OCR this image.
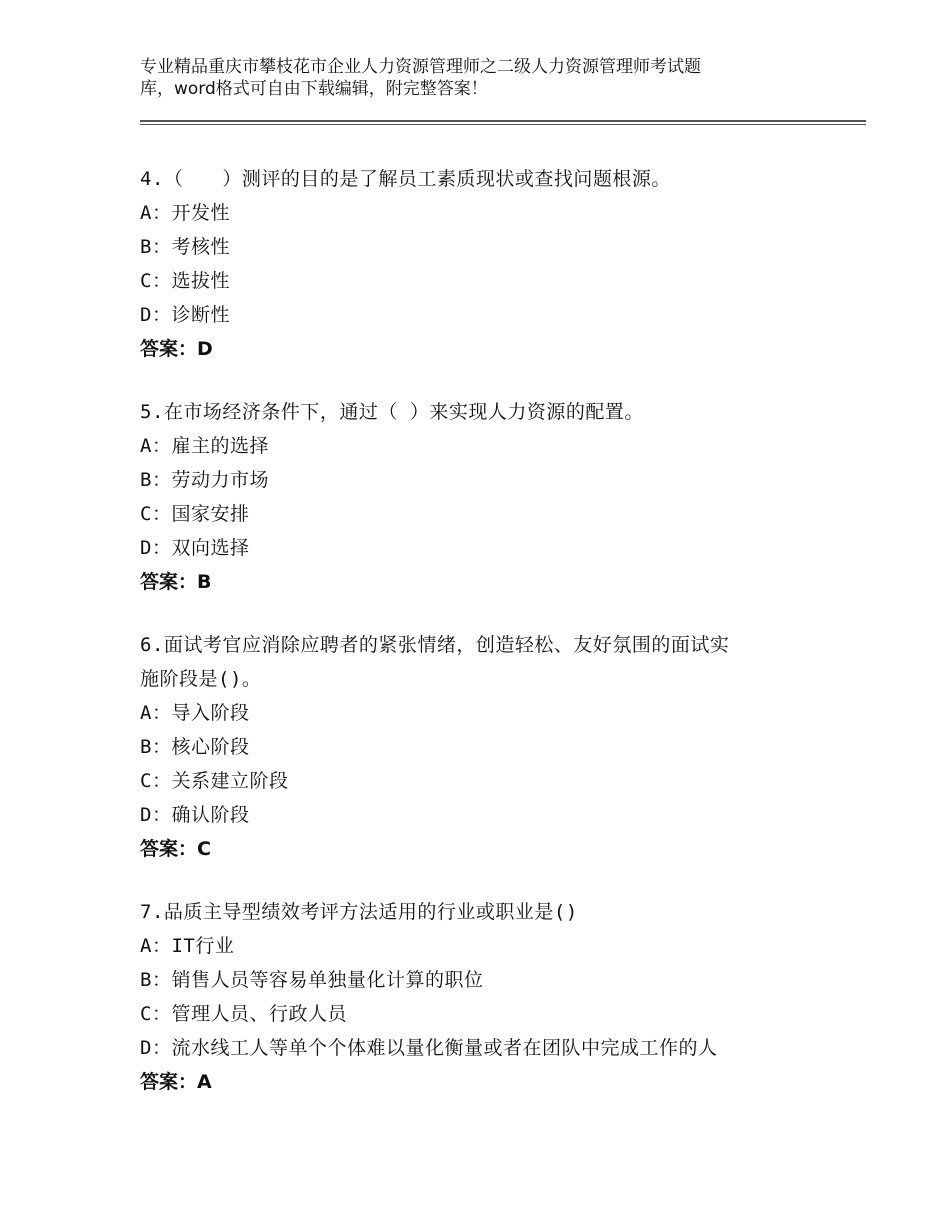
专业精品重庆市攀枝花市企业人力资源管理师之二级人力资源管理师考试题
库，word格式可自由下载编辑，附完整答案！
4.（　　）测评的目的是了解员工素质现状或查找问题根源。
A：开发性
B：考核性
C：选拔性
D：诊断性
答案：D
5.在市场经济条件下，通过（ ）来实现人力资源的配置。
A：雇主的选择
B：劳动力市场
C：国家安排
D：双向选择
答案：B
6.面试考官应消除应聘者的紧张情绪，创造轻松、友好氛围的面试实
施阶段是()。
A：导入阶段
B：核心阶段
C：关系建立阶段
D：确认阶段
答案：C
7.品质主导型绩效考评方法适用的行业或职业是()
A：IT行业
B：销售人员等容易单独量化计算的职位
C：管理人员、行政人员
D：流水线工人等单个个体难以量化衡量或者在团队中完成工作的人
答案：A
